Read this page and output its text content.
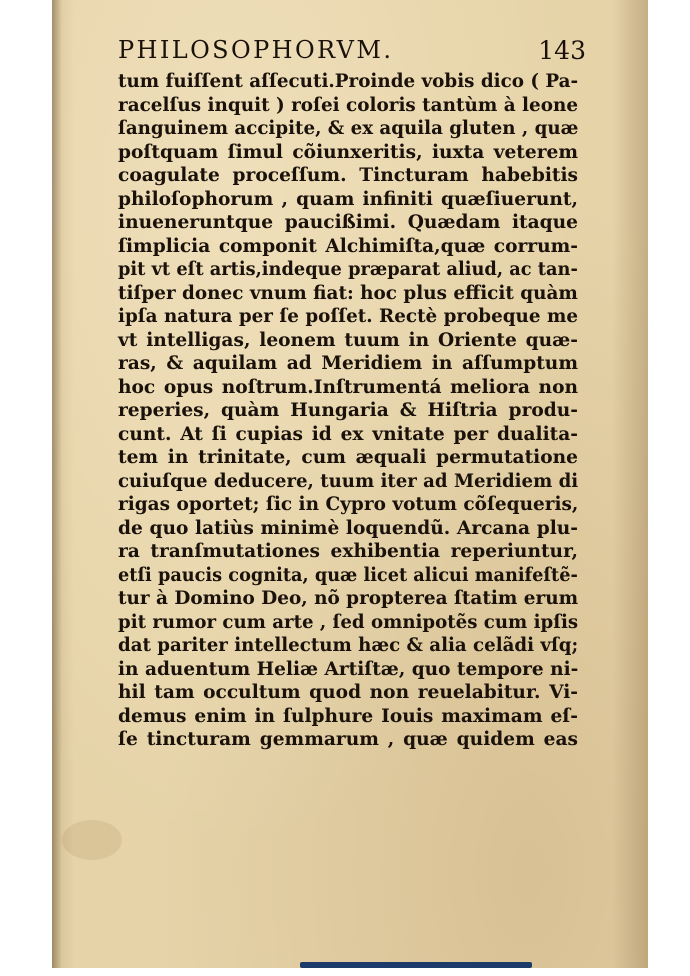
PHILOSOPHORVM.	143
tum fuiſſent aſſecuti.Proinde vobis dico ( Pa-
racelſus inquit ) roſei coloris tantùm à leone
ſanguinem accipite, & ex aquila gluten , quæ
poſtquam ſimul cõiunxeritis, iuxta veterem
coagulate proceſſum. Tincturam habebitis
philoſophorum , quam infiniti quæſiuerunt,
inueneruntque paucißimi. Quædam itaque
ſimplicia componit Alchimiſta,quæ corrum-
pit vt eſt artis,indeque præparat aliud, ac tan-
tiſper donec vnum fiat: hoc plus efficit quàm
ipſa natura per ſe poſſet. Rectè probeque me
vt intelligas, leonem tuum in Oriente quæ-
ras, & aquilam ad Meridiem in aſſumptum
hoc opus noſtrum.Inſtrumentá meliora non
reperies, quàm Hungaria & Hiſtria produ-
cunt. At ſi cupias id ex vnitate per dualita-
tem in trinitate, cum æquali permutatione
cuiuſque deducere, tuum iter ad Meridiem di
rigas oportet; ſic in Cypro votum cõſequeris,
de quo latiùs minimè loquendũ. Arcana plu-
ra tranſmutationes exhibentia reperiuntur,
etſi paucis cognita, quæ licet alicui manifeſtẽ-
tur à Domino Deo, nõ propterea ſtatim erum
pit rumor cum arte , ſed omnipotẽs cum ipſis
dat pariter intellectum hæc & alia celãdi vſq;
in aduentum Heliæ Artiſtæ, quo tempore ni-
hil tam occultum quod non reuelabitur. Vi-
demus enim in ſulphure Iouis maximam eſ-
ſe tincturam gemmarum , quæ quidem eas
